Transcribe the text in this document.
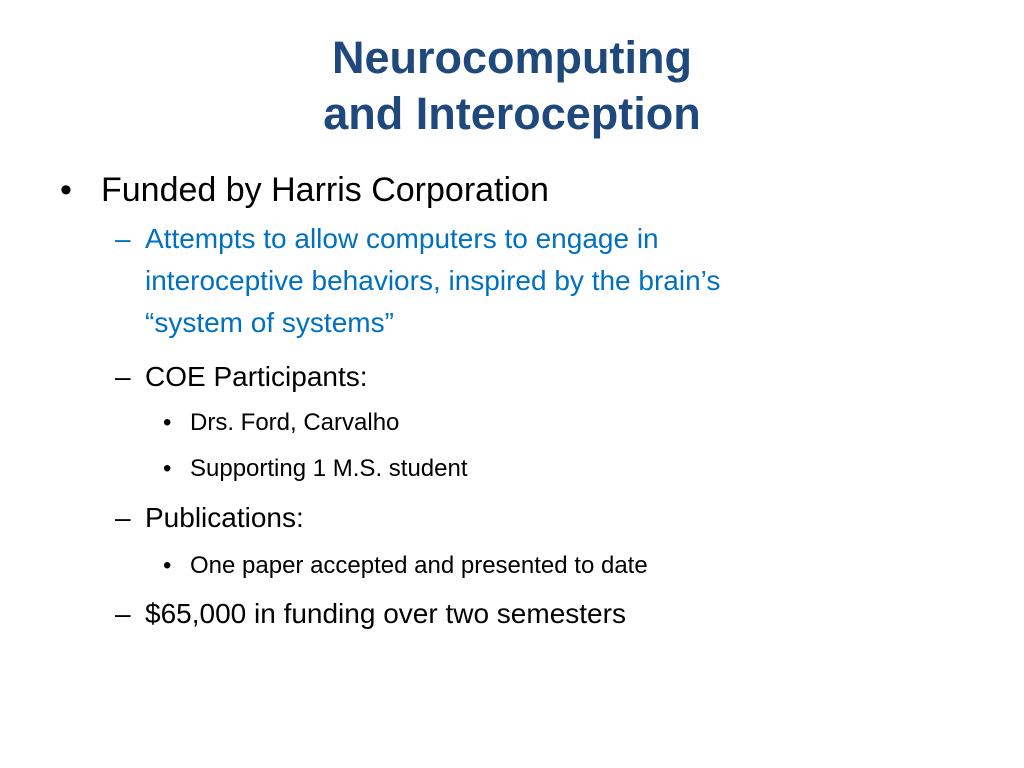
Neurocomputing
and Interoception
• Funded by Harris Corporation
– Attempts to allow computers to engage in
interoceptive behaviors, inspired by the brain’s
“system of systems”
– COE Participants:
• Drs. Ford, Carvalho
• Supporting 1 M.S. student
– Publications:
• One paper accepted and presented to date
– $65,000 in funding over two semesters
